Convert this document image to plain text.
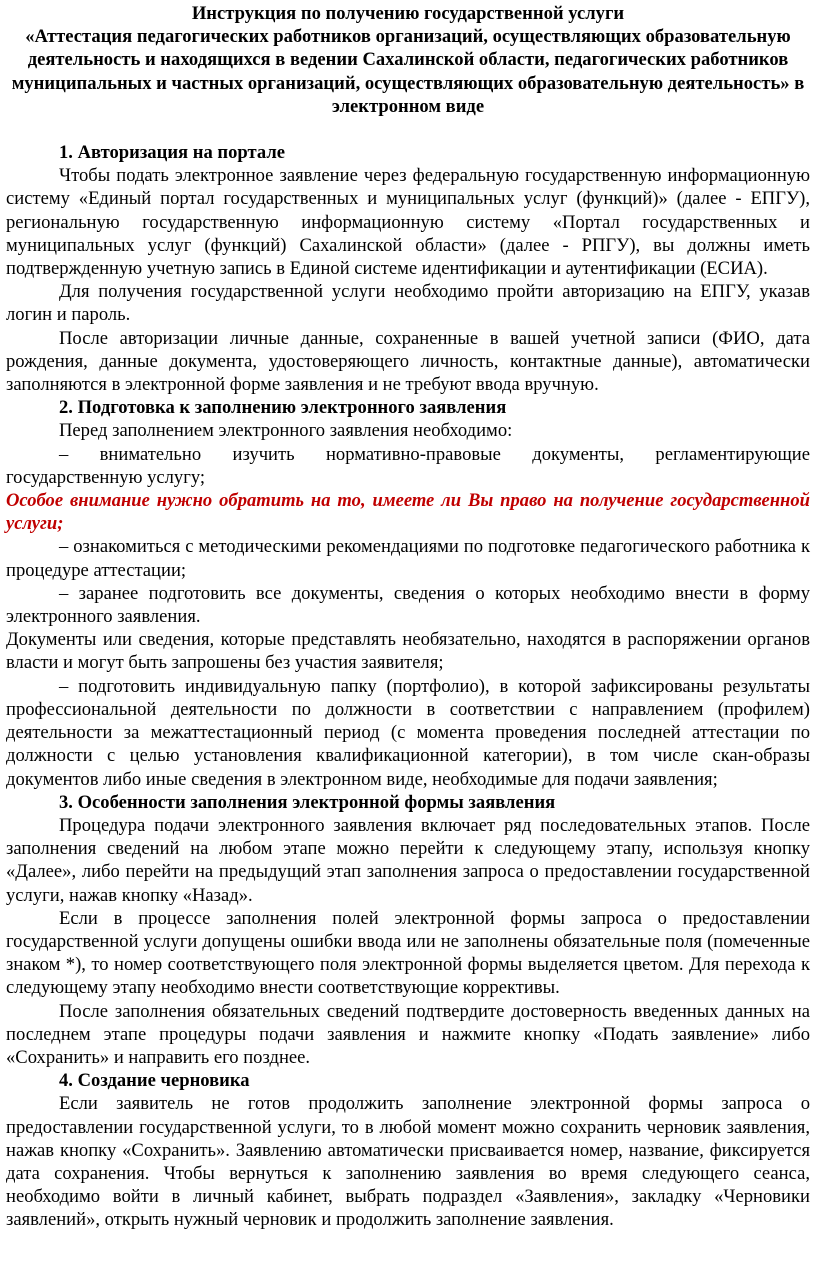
Инструкция по получению государственной услуги
«Аттестация педагогических работников организаций, осуществляющих образовательную деятельность и находящихся в ведении Сахалинской области, педагогических работников муниципальных и частных организаций, осуществляющих образовательную деятельность» в электронном виде

1. Авторизация на портале

Чтобы подать электронное заявление через федеральную государственную информационную систему «Единый портал государственных и муниципальных услуг (функций)» (далее - ЕПГУ), региональную государственную информационную систему «Портал государственных и муниципальных услуг (функций) Сахалинской области» (далее - РПГУ), вы должны иметь подтвержденную учетную запись в Единой системе идентификации и аутентификации (ЕСИА).

Для получения государственной услуги необходимо пройти авторизацию на ЕПГУ, указав логин и пароль.

После авторизации личные данные, сохраненные в вашей учетной записи (ФИО, дата рождения, данные документа, удостоверяющего личность, контактные данные), автоматически заполняются в электронной форме заявления и не требуют ввода вручную.

2. Подготовка к заполнению электронного заявления

Перед заполнением электронного заявления необходимо:

– внимательно изучить нормативно-правовые документы, регламентирующие государственную услугу;

Особое внимание нужно обратить на то, имеете ли Вы право на получение государственной услуги;

– ознакомиться с методическими рекомендациями по подготовке педагогического работника к процедуре аттестации;

– заранее подготовить все документы, сведения о которых необходимо внести в форму электронного заявления.

Документы или сведения, которые представлять необязательно, находятся в распоряжении органов власти и могут быть запрошены без участия заявителя;

– подготовить индивидуальную папку (портфолио), в которой зафиксированы результаты профессиональной деятельности по должности в соответствии с направлением (профилем) деятельности за межаттестационный период (с момента проведения последней аттестации по должности с целью установления квалификационной категории), в том числе скан-образы документов либо иные сведения в электронном виде, необходимые для подачи заявления;

3. Особенности заполнения электронной формы заявления

Процедура подачи электронного заявления включает ряд последовательных этапов. После заполнения сведений на любом этапе можно перейти к следующему этапу, используя кнопку «Далее», либо перейти на предыдущий этап заполнения запроса о предоставлении государственной услуги, нажав кнопку «Назад».

Если в процессе заполнения полей электронной формы запроса о предоставлении государственной услуги допущены ошибки ввода или не заполнены обязательные поля (помеченные знаком *), то номер соответствующего поля электронной формы выделяется цветом. Для перехода к следующему этапу необходимо внести соответствующие коррективы.

После заполнения обязательных сведений подтвердите достоверность введенных данных на последнем этапе процедуры подачи заявления и нажмите кнопку «Подать заявление» либо «Сохранить» и направить его позднее.

4. Создание черновика

Если заявитель не готов продолжить заполнение электронной формы запроса о предоставлении государственной услуги, то в любой момент можно сохранить черновик заявления, нажав кнопку «Сохранить». Заявлению автоматически присваивается номер, название, фиксируется дата сохранения. Чтобы вернуться к заполнению заявления во время следующего сеанса, необходимо войти в личный кабинет, выбрать подраздел «Заявления», закладку «Черновики заявлений», открыть нужный черновик и продолжить заполнение заявления.
